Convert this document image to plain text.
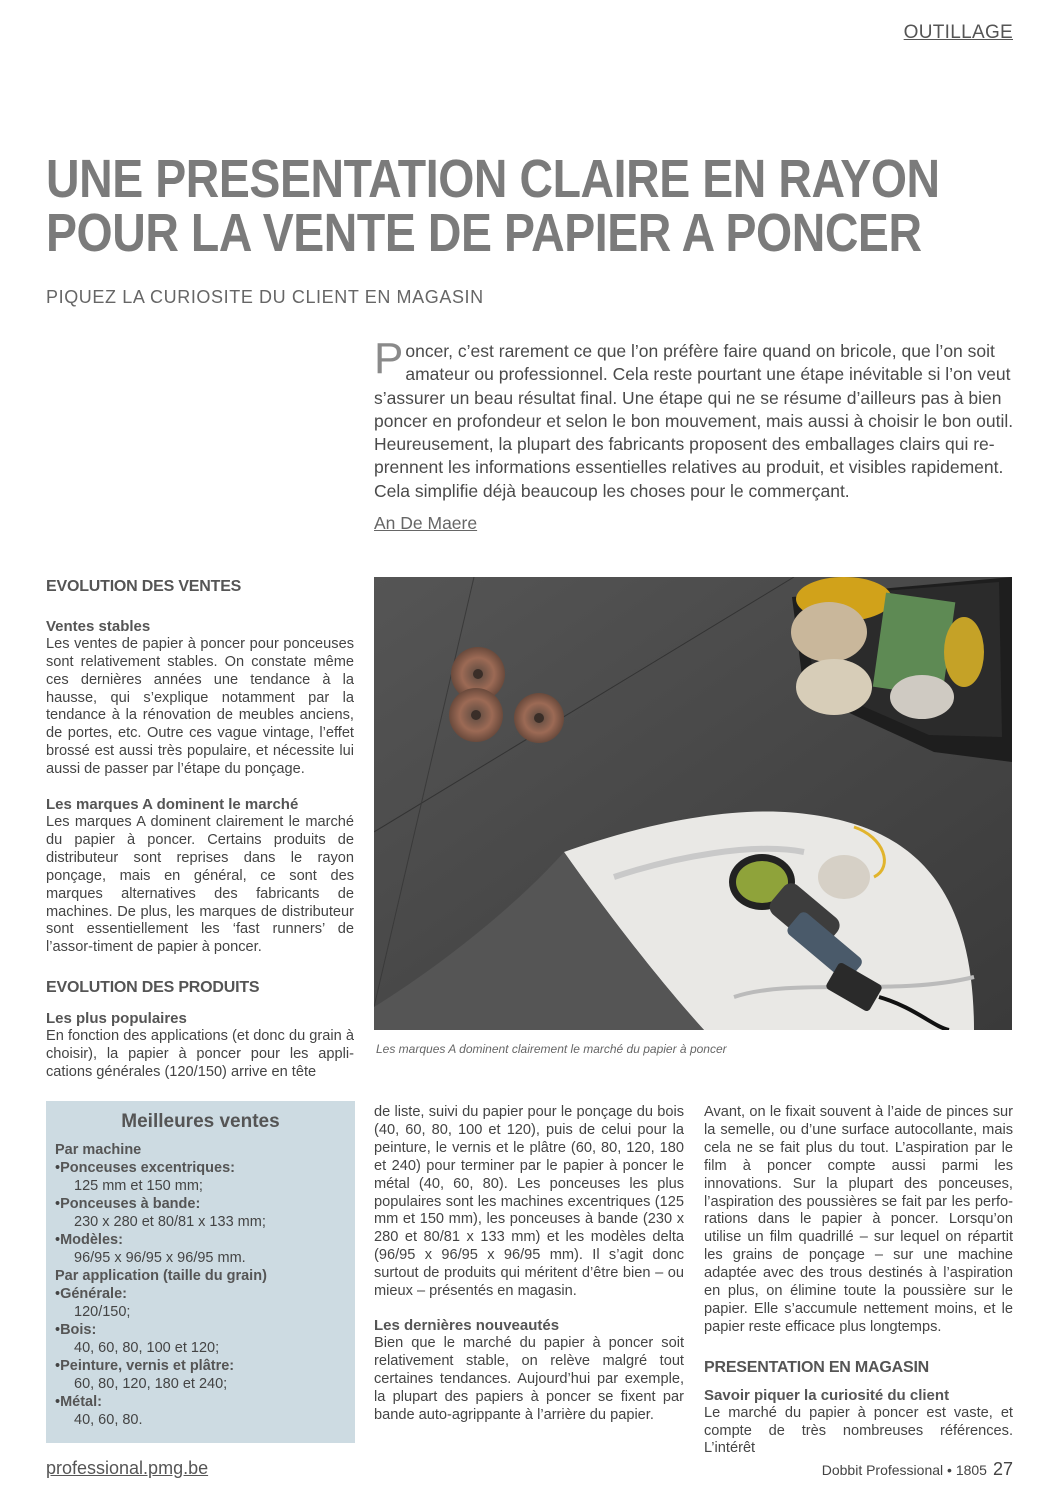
OUTILLAGE
UNE PRESENTATION CLAIRE EN RAYON
POUR LA VENTE DE PAPIER A PONCER
PIQUEZ LA CURIOSITE DU CLIENT EN MAGASIN
Poncer, c’est rarement ce que l’on préfère faire quand on bricole, que l’on soit amateur ou professionnel. Cela reste pourtant une étape inévitable si l’on veut s’assurer un beau résultat final. Une étape qui ne se résume d’ailleurs pas à bien poncer en profondeur et selon le bon mouvement, mais aussi à choisir le bon outil. Heureusement, la plupart des fabricants proposent des emballages clairs qui re-prennent les informations essentielles relatives au produit, et visibles rapidement. Cela simplifie déjà beaucoup les choses pour le commerçant.
An De Maere
EVOLUTION DES VENTES
Ventes stables

Les ventes de papier à poncer pour ponceuses sont relativement stables. On constate même ces dernières années une tendance à la hausse, qui s’explique notamment par la tendance à la rénovation de meubles anciens, de portes, etc. Outre ces vague vintage, l’effet brossé est aussi très populaire, et nécessite lui aussi de passer par l’étape du ponçage.

Les marques A dominent le marché

Les marques A dominent clairement le marché du papier à poncer. Certains produits de distributeur sont reprises dans le rayon ponçage, mais en général, ce sont des marques alternatives des fabricants de machines. De plus, les marques de distributeur sont essentiellement les ‘fast runners’ de l’assor-timent de papier à poncer.

EVOLUTION DES PRODUITS
Les plus populaires

En fonction des applications (et donc du grain à choisir), la papier à poncer pour les appli-cations générales (120/150) arrive en tête

Les marques A dominent clairement le marché du papier à poncer
Meilleures ventes
Par machine
•Ponceuses excentriques:
125 mm et 150 mm;
•Ponceuses à bande:
230 x 280 et 80/81 x 133 mm;
•Modèles:
96/95 x 96/95 x 96/95 mm.
Par application (taille du grain)
•Générale:
120/150;
•Bois:
40, 60, 80, 100 et 120;
•Peinture, vernis et plâtre:
60, 80, 120, 180 et 240;
•Métal:
40, 60, 80.

de liste, suivi du papier pour le ponçage du bois (40, 60, 80, 100 et 120), puis de celui pour la peinture, le vernis et le plâtre (60, 80, 120, 180 et 240) pour terminer par le papier à poncer le métal (40, 60, 80). Les ponceuses les plus populaires sont les machines excentriques (125 mm et 150 mm), les ponceuses à bande (230 x 280 et 80/81 x 133 mm) et les modèles delta (96/95 x 96/95 x 96/95 mm). Il s’agit donc surtout de produits qui méritent d’être bien – ou mieux – présentés en magasin.

Les dernières nouveautés

Bien que le marché du papier à poncer soit relativement stable, on relève malgré tout certaines tendances. Aujourd’hui par exemple, la plupart des papiers à poncer se fixent par bande auto-agrippante à l’arrière du papier.

Avant, on le fixait souvent à l’aide de pinces sur la semelle, ou d’une surface autocollante, mais cela ne se fait plus du tout. L’aspiration par le film à poncer compte aussi parmi les innovations. Sur la plupart des ponceuses, l’aspiration des poussières se fait par les perfo-rations dans le papier à poncer. Lorsqu’on utilise un film quadrillé – sur lequel on répartit les grains de ponçage – sur une machine adaptée avec des trous destinés à l’aspiration en plus, on élimine toute la poussière sur le papier. Elle s’accumule nettement moins, et le papier reste efficace plus longtemps.

PRESENTATION EN MAGASIN
Savoir piquer la curiosité du client

Le marché du papier à poncer est vaste, et compte de très nombreuses références. L’intérêt

professional.pmg.be	Dobbit Professional • 1805 27
